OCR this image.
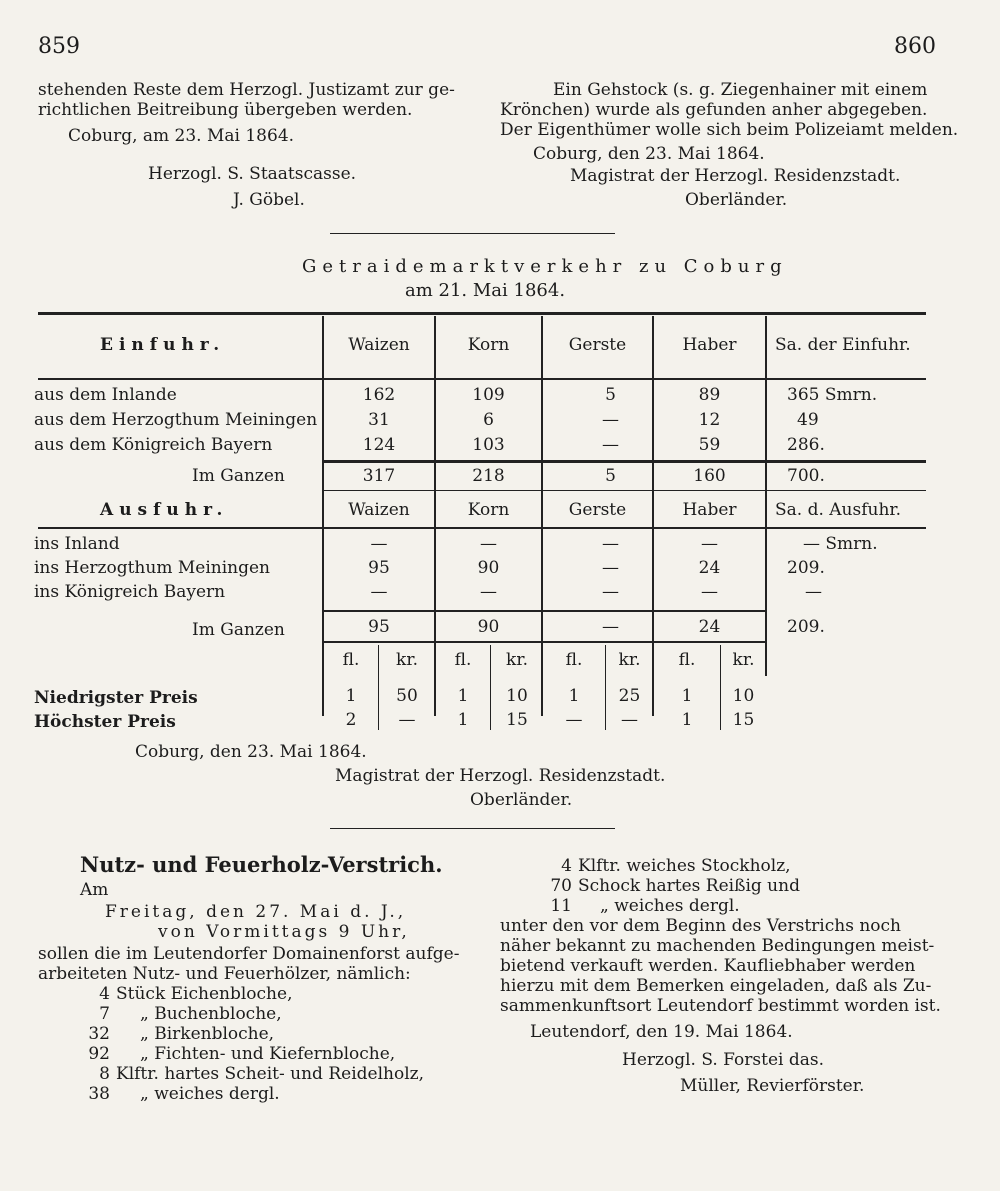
859	860
stehenden Reste dem Herzogl. Justizamt zur ge-
richtlichen Beitreibung übergeben werden.
Coburg, am 23. Mai 1864.
Herzogl. S. Staatscasse.
J. Göbel.
Ein Gehstock (s. g. Ziegenhainer mit einem
Krönchen) wurde als gefunden anher abgegeben.
Der Eigenthümer wolle sich beim Polizeiamt melden.
Coburg, den 23. Mai 1864.
Magistrat der Herzogl. Residenzstadt.
Oberländer.
Getraidemarktverkehr zu Coburg
am 21. Mai 1864.
Einfuhr.	Waizen	Korn	Gerste	Haber	Sa. der Einfuhr.
aus dem Inlande	162	109	5	89	365 Smrn.
aus dem Herzogthum Meiningen	31	6	—	12	49
aus dem Königreich Bayern	124	103	—	59	286.
Im Ganzen	317	218	5	160	700.
Ausfuhr.	Waizen	Korn	Gerste	Haber	Sa. d. Ausfuhr.
ins Inland	—	—	—	—	— Smrn.
ins Herzogthum Meiningen	95	90	—	24	209.
ins Königreich Bayern	—	—	—	—	—
Im Ganzen	95	90	—	24	209.
fl.	kr.	fl.	kr.	fl.	kr.	fl.	kr.
Niedrigster Preis	1	50	1	10	1	25	1	10
Höchster Preis	2	—	1	15	—	—	1	15
Coburg, den 23. Mai 1864.
Magistrat der Herzogl. Residenzstadt.
Oberländer.
Nutz- und Feuerholz-Verstrich.
Am
Freitag, den 27. Mai d. J.,
von Vormittags 9 Uhr,
sollen die im Leutendorfer Domainenforst aufge-
arbeiteten Nutz- und Feuerhölzer, nämlich:
4 Stück Eichenbloche,
7 „ Buchenbloche,
32 „ Birkenbloche,
92 „ Fichten- und Kiefernbloche,
8 Klftr. hartes Scheit- und Reidelholz,
38 „ weiches dergl.
4 Klftr. weiches Stockholz,
70 Schock hartes Reißig und
11 „ weiches dergl.
unter den vor dem Beginn des Verstrichs noch
näher bekannt zu machenden Bedingungen meist-
bietend verkauft werden. Kaufliebhaber werden
hierzu mit dem Bemerken eingeladen, daß als Zu-
sammenkunftsort Leutendorf bestimmt worden ist.
Leutendorf, den 19. Mai 1864.
Herzogl. S. Forstei das.
Müller, Revierförster.
